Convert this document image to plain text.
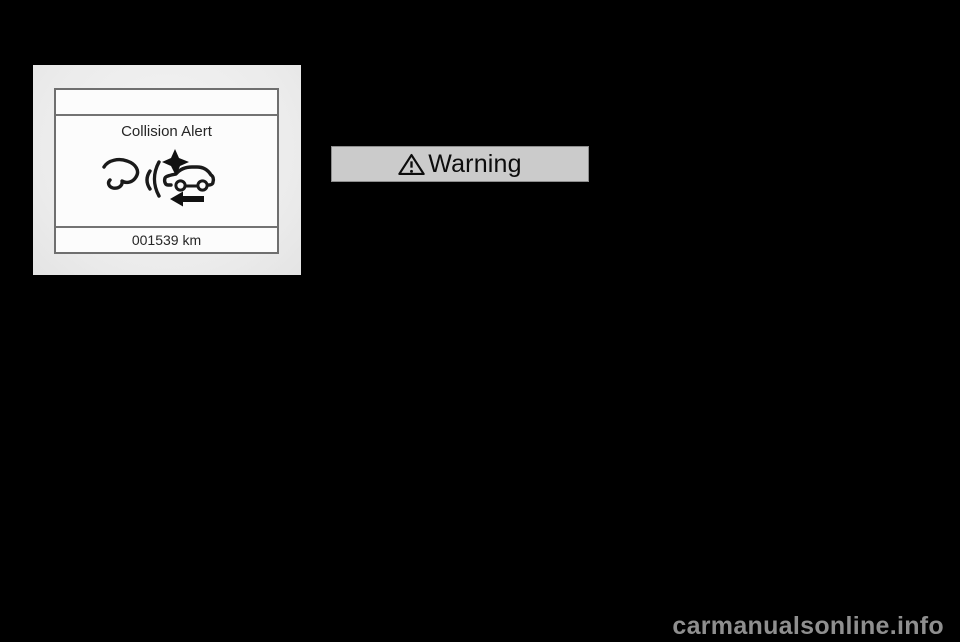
Collision Alert
001539 km
Warning
carmanualsonline.info
